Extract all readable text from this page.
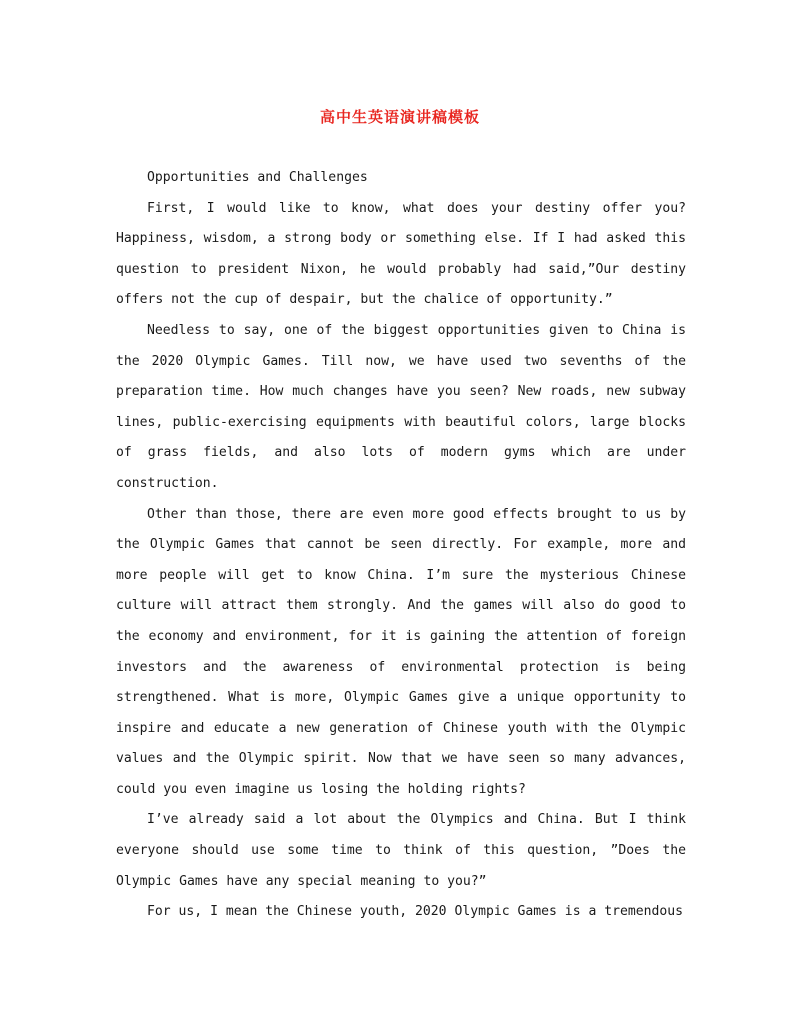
高中生英语演讲稿模板

Opportunities and Challenges

First, I would like to know, what does your destiny offer you? Happiness, wisdom, a strong body or something else. If I had asked this question to president Nixon, he would probably had said,”Our destiny offers not the cup of despair, but the chalice of opportunity.”

Needless to say, one of the biggest opportunities given to China is the 2020 Olympic Games. Till now, we have used two sevenths of the preparation time. How much changes have you seen? New roads, new subway lines, public-exercising equipments with beautiful colors, large blocks of grass fields, and also lots of modern gyms which are under construction.

Other than those, there are even more good effects brought to us by the Olympic Games that cannot be seen directly. For example, more and more people will get to know China. I’m sure the mysterious Chinese culture will attract them strongly. And the games will also do good to the economy and environment, for it is gaining the attention of foreign investors and the awareness of environmental protection is being strengthened. What is more, Olympic Games give a unique opportunity to inspire and educate a new generation of Chinese youth with the Olympic values and the Olympic spirit. Now that we have seen so many advances, could you even imagine us losing the holding rights?

I’ve already said a lot about the Olympics and China. But I think everyone should use some time to think of this question, ”Does the Olympic Games have any special meaning to you?”

For us, I mean the Chinese youth, 2020 Olympic Games is a tremendous
